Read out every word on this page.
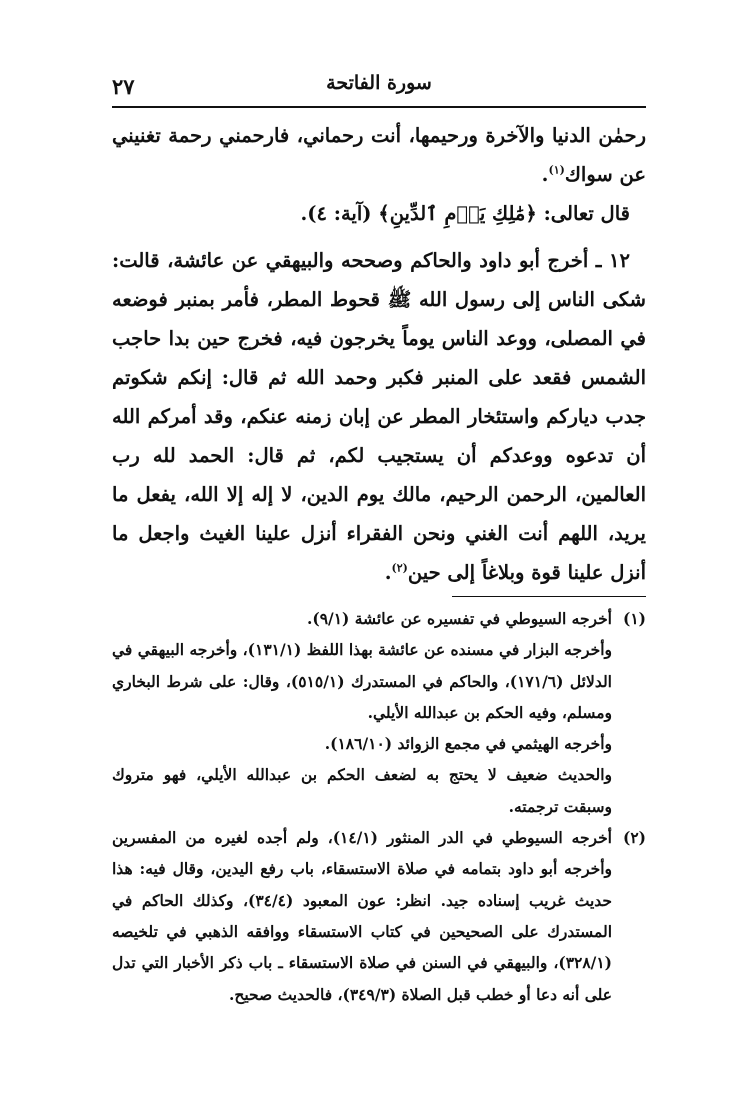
٢٧	سورة الفاتحة

رحمٰن الدنيا والآخرة ورحيمها، أنت رحماني، فارحمني رحمة تغنيني عن سواك$^{(١)}$.

قال تعالى: ﴿مَٰلِكِ يَوۡمِ ٱلدِّينِ﴾ (آية: ٤).

١٢ ـ أخرج أبو داود والحاكم وصححه والبيهقي عن عائشة، قالت: شكى الناس إلى رسول الله ﷺ قحوط المطر، فأمر بمنبر فوضعه في المصلى، ووعد الناس يوماً يخرجون فيه، فخرج حين بدا حاجب الشمس فقعد على المنبر فكبر وحمد الله ثم قال: إنكم شكوتم جدب دياركم واستئخار المطر عن إبان زمنه عنكم، وقد أمركم الله أن تدعوه ووعدكم أن يستجيب لكم، ثم قال: الحمد لله رب العالمين، الرحمن الرحيم، مالك يوم الدين، لا إله إلا الله، يفعل ما يريد، اللهم أنت الغني ونحن الفقراء أنزل علينا الغيث واجعل ما أنزل علينا قوة وبلاغاً إلى حين$^{(٢)}$.

(١)

أخرجه السيوطي في تفسيره عن عائشة (٩/١).

وأخرجه البزار في مسنده عن عائشة بهذا اللفظ (١٣١/١)، وأخرجه البيهقي في الدلائل (١٧١/٦)، والحاكم في المستدرك (٥١٥/١)، وقال: على شرط البخاري ومسلم، وفيه الحكم بن عبدالله الأيلي.

وأخرجه الهيثمي في مجمع الزوائد (١٨٦/١٠).

والحديث ضعيف لا يحتج به لضعف الحكم بن عبدالله الأيلي، فهو متروك وسبقت ترجمته.

(٢)

أخرجه السيوطي في الدر المنثور (١٤/١)، ولم أجده لغيره من المفسرين وأخرجه أبو داود بتمامه في صلاة الاستسقاء، باب رفع اليدين، وقال فيه: هذا حديث غريب إسناده جيد. انظر: عون المعبود (٣٤/٤)، وكذلك الحاكم في المستدرك على الصحيحين في كتاب الاستسقاء ووافقه الذهبي في تلخيصه (٣٢٨/١)، والبيهقي في السنن في صلاة الاستسقاء ـ باب ذكر الأخبار التي تدل على أنه دعا أو خطب قبل الصلاة (٣٤٩/٣)، فالحديث صحيح.
